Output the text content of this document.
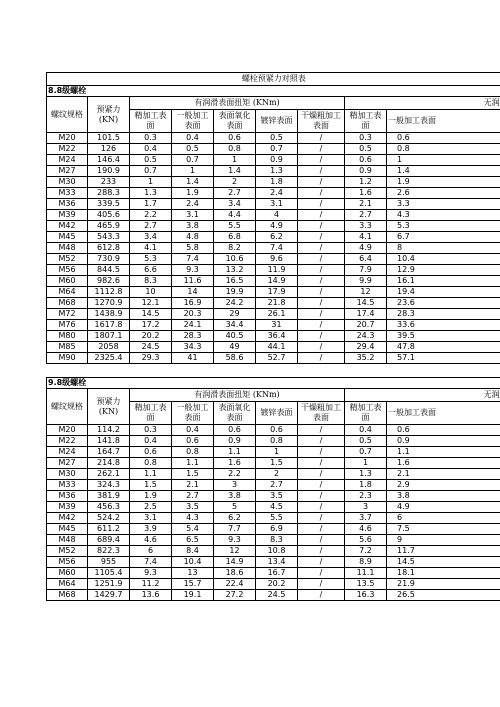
螺栓预紧力对照表								
8.8级螺栓								
螺纹规格	预紧力(KN)	有润滑表面扭矩 (KNm)					无润	
		精加工表面	一般加工表面	表面氧化表面	镀锌表面	干燥粗加工表面	精加工表面	一般加工表面
M20	101.5	0.3	0.4	0.6	0.5	/	0.3	0.6
M22	126	0.4	0.5	0.8	0.7	/	0.5	0.8
M24	146.4	0.5	0.7	1	0.9	/	0.6	1
M27	190.9	0.7	1	1.4	1.3	/	0.9	1.4
M30	233	1	1.4	2	1.8	/	1.2	1.9
M33	288.3	1.3	1.9	2.7	2.4	/	1.6	2.6
M36	339.5	1.7	2.4	3.4	3.1	/	2.1	3.3
M39	405.6	2.2	3.1	4.4	4	/	2.7	4.3
M42	465.9	2.7	3.8	5.5	4.9	/	3.3	5.3
M45	543.3	3.4	4.8	6.8	6.2	/	4.1	6.7
M48	612.8	4.1	5.8	8.2	7.4	/	4.9	8
M52	730.9	5.3	7.4	10.6	9.6	/	6.4	10.4
M56	844.5	6.6	9.3	13.2	11.9	/	7.9	12.9
M60	982.6	8.3	11.6	16.5	14.9	/	9.9	16.1
M64	1112.8	10	14	19.9	17.9	/	12	19.4
M68	1270.9	12.1	16.9	24.2	21.8	/	14.5	23.6
M72	1438.9	14.5	20.3	29	26.1	/	17.4	28.3
M76	1617.8	17.2	24.1	34.4	31	/	20.7	33.6
M80	1807.1	20.2	28.3	40.5	36.4	/	24.3	39.5
M85	2058	24.5	34.3	49	44.1	/	29.4	47.8
M90	2325.4	29.3	41	58.6	52.7	/	35.2	57.1
9.8级螺栓								
螺纹规格	预紧力(KN)	有润滑表面扭矩 (KNm)					无润	
		精加工表面	一般加工表面	表面氧化表面	镀锌表面	干燥粗加工表面	精加工表面	一般加工表面
M20	114.2	0.3	0.4	0.6	0.6	/	0.4	0.6
M22	141.8	0.4	0.6	0.9	0.8	/	0.5	0.9
M24	164.7	0.6	0.8	1.1	1	/	0.7	1.1
M27	214.8	0.8	1.1	1.6	1.5	/	1	1.6
M30	262.1	1.1	1.5	2.2	2	/	1.3	2.1
M33	324.3	1.5	2.1	3	2.7	/	1.8	2.9
M36	381.9	1.9	2.7	3.8	3.5	/	2.3	3.8
M39	456.3	2.5	3.5	5	4.5	/	3	4.9
M42	524.2	3.1	4.3	6.2	5.5	/	3.7	6
M45	611.2	3.9	5.4	7.7	6.9	/	4.6	7.5
M48	689.4	4.6	6.5	9.3	8.3	/	5.6	9
M52	822.3	6	8.4	12	10.8	/	7.2	11.7
M56	955	7.4	10.4	14.9	13.4	/	8.9	14.5
M60	1105.4	9.3	13	18.6	16.7	/	11.1	18.1
M64	1251.9	11.2	15.7	22.4	20.2	/	13.5	21.9
M68	1429.7	13.6	19.1	27.2	24.5	/	16.3	26.5
